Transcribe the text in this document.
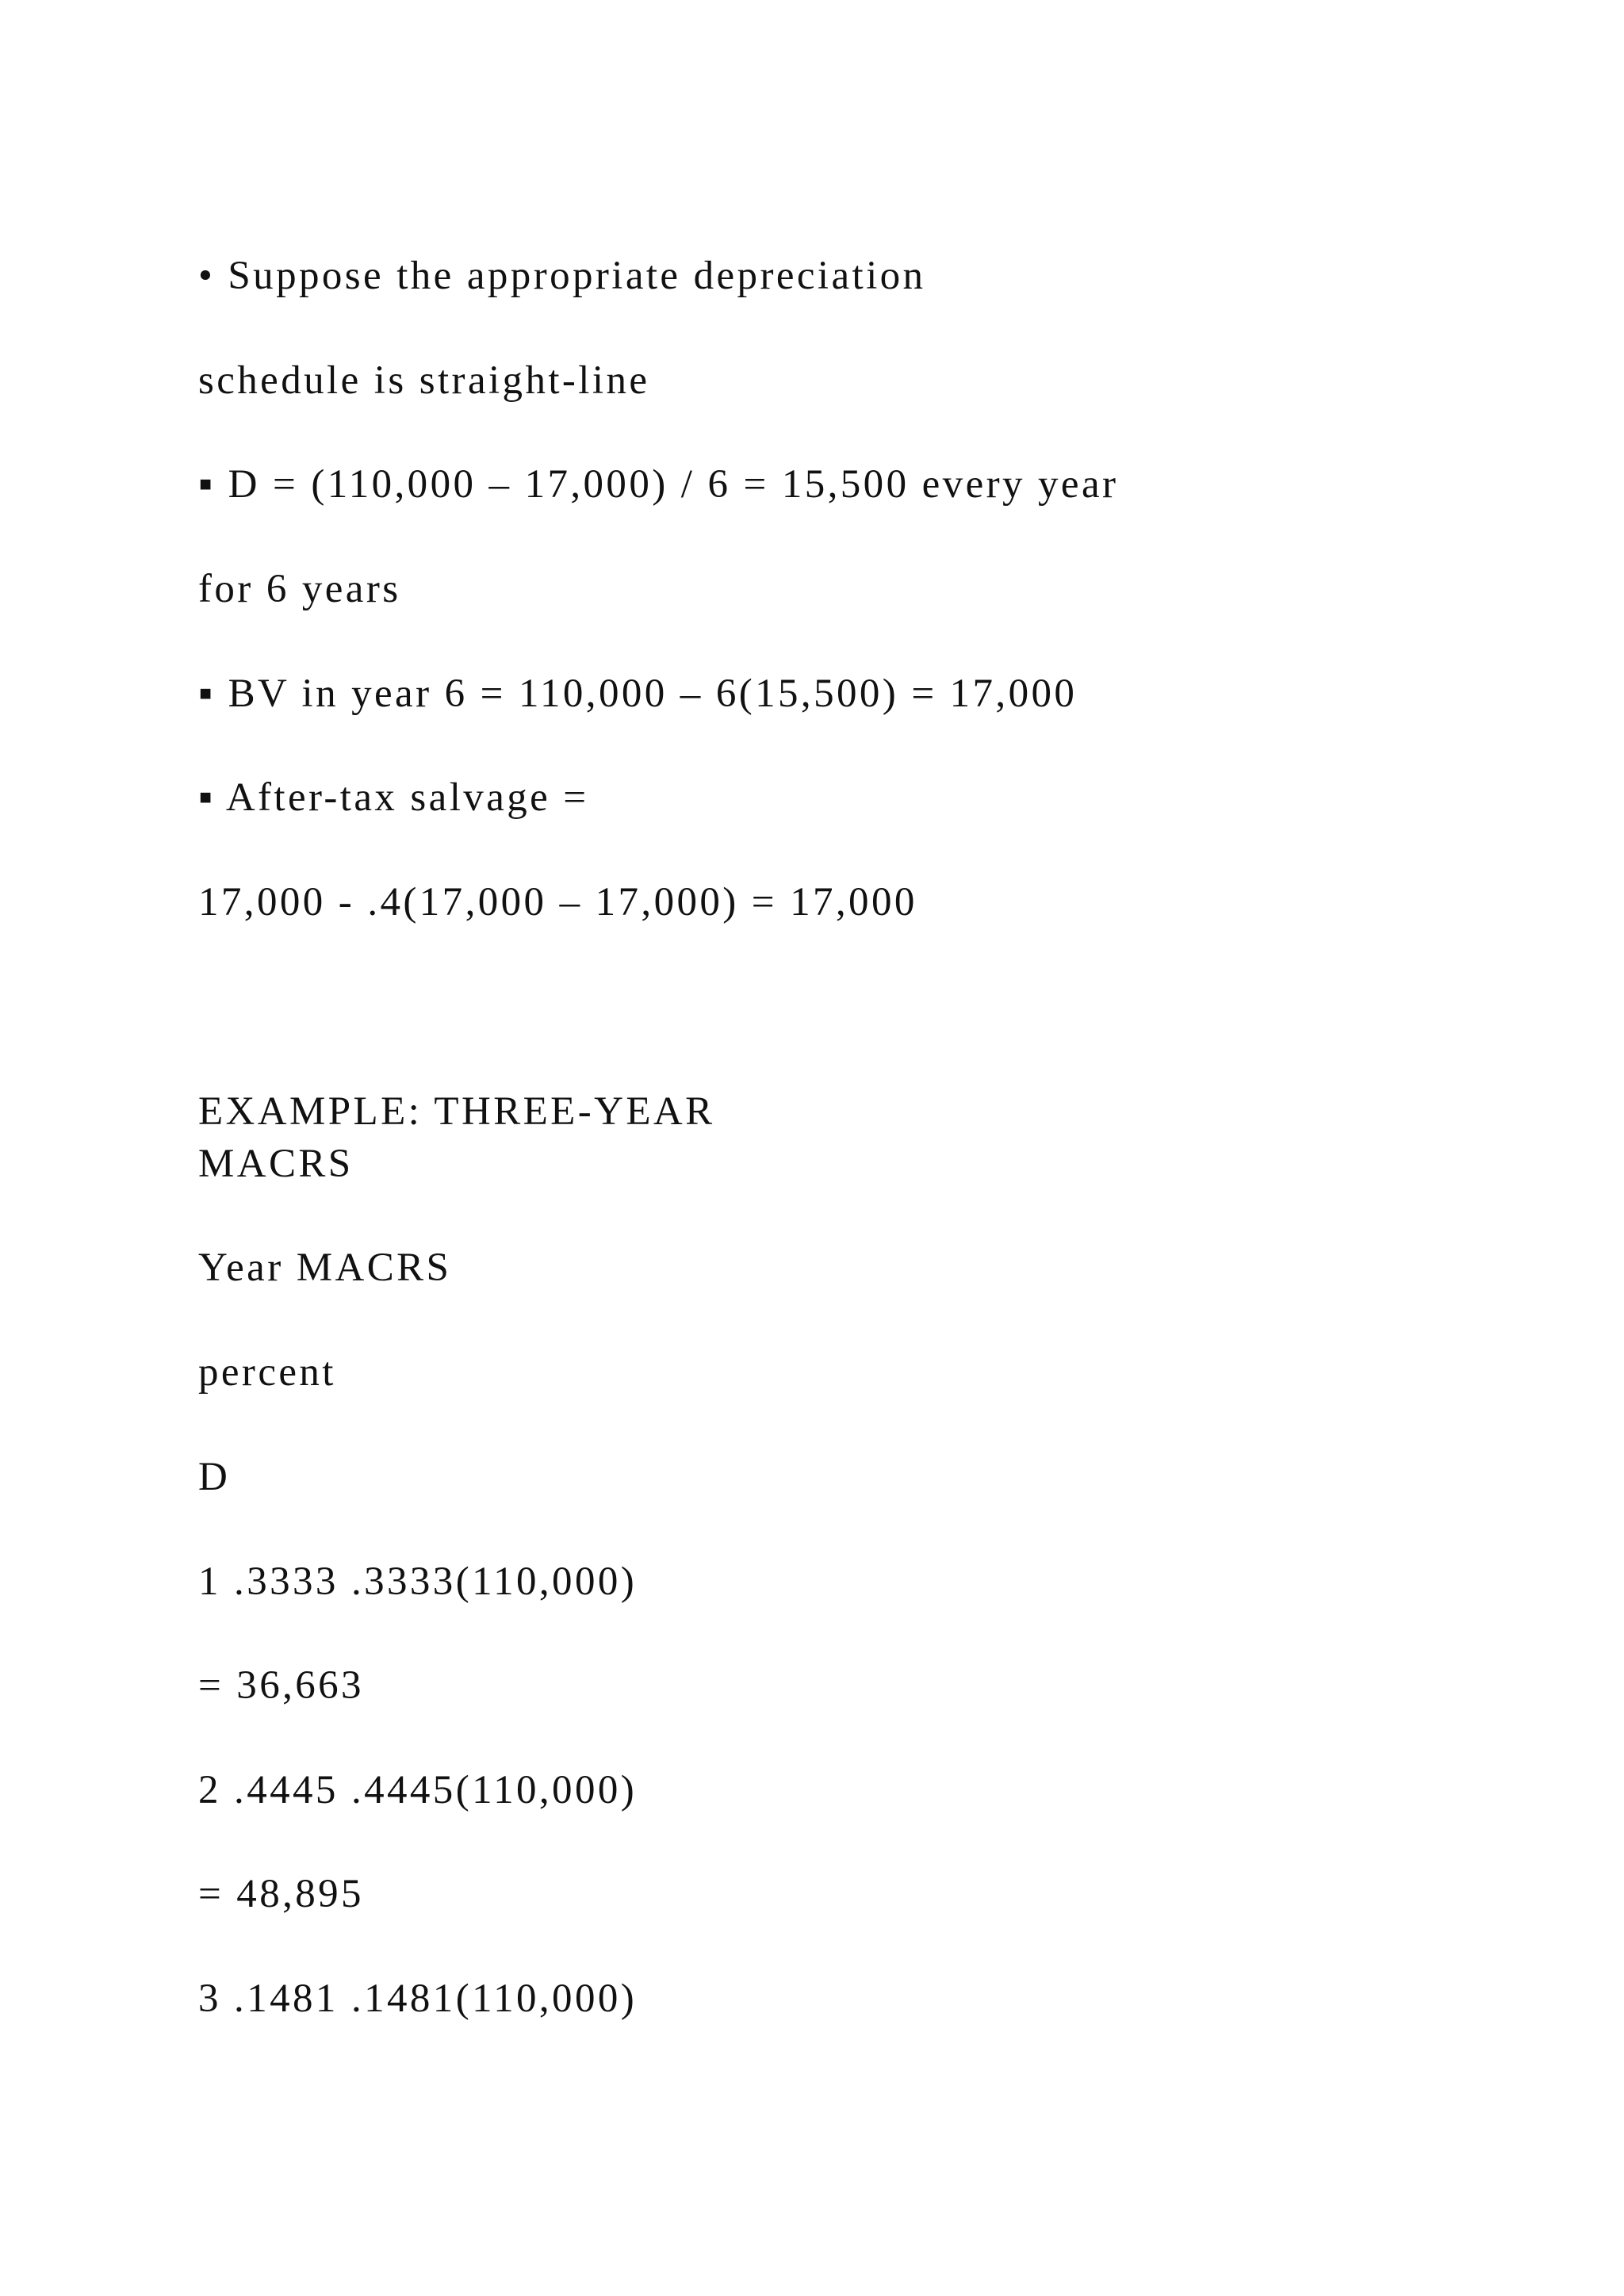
• Suppose the appropriate depreciation
schedule is straight-line
▪ D = (110,000 – 17,000) / 6 = 15,500 every year
for 6 years
▪ BV in year 6 = 110,000 – 6(15,500) = 17,000
▪ After-tax salvage =
17,000 - .4(17,000 – 17,000) = 17,000
EXAMPLE: THREE-YEAR
MACRS
Year MACRS
percent
D
1 .3333 .3333(110,000)
= 36,663
2 .4445 .4445(110,000)
= 48,895
3 .1481 .1481(110,000)
